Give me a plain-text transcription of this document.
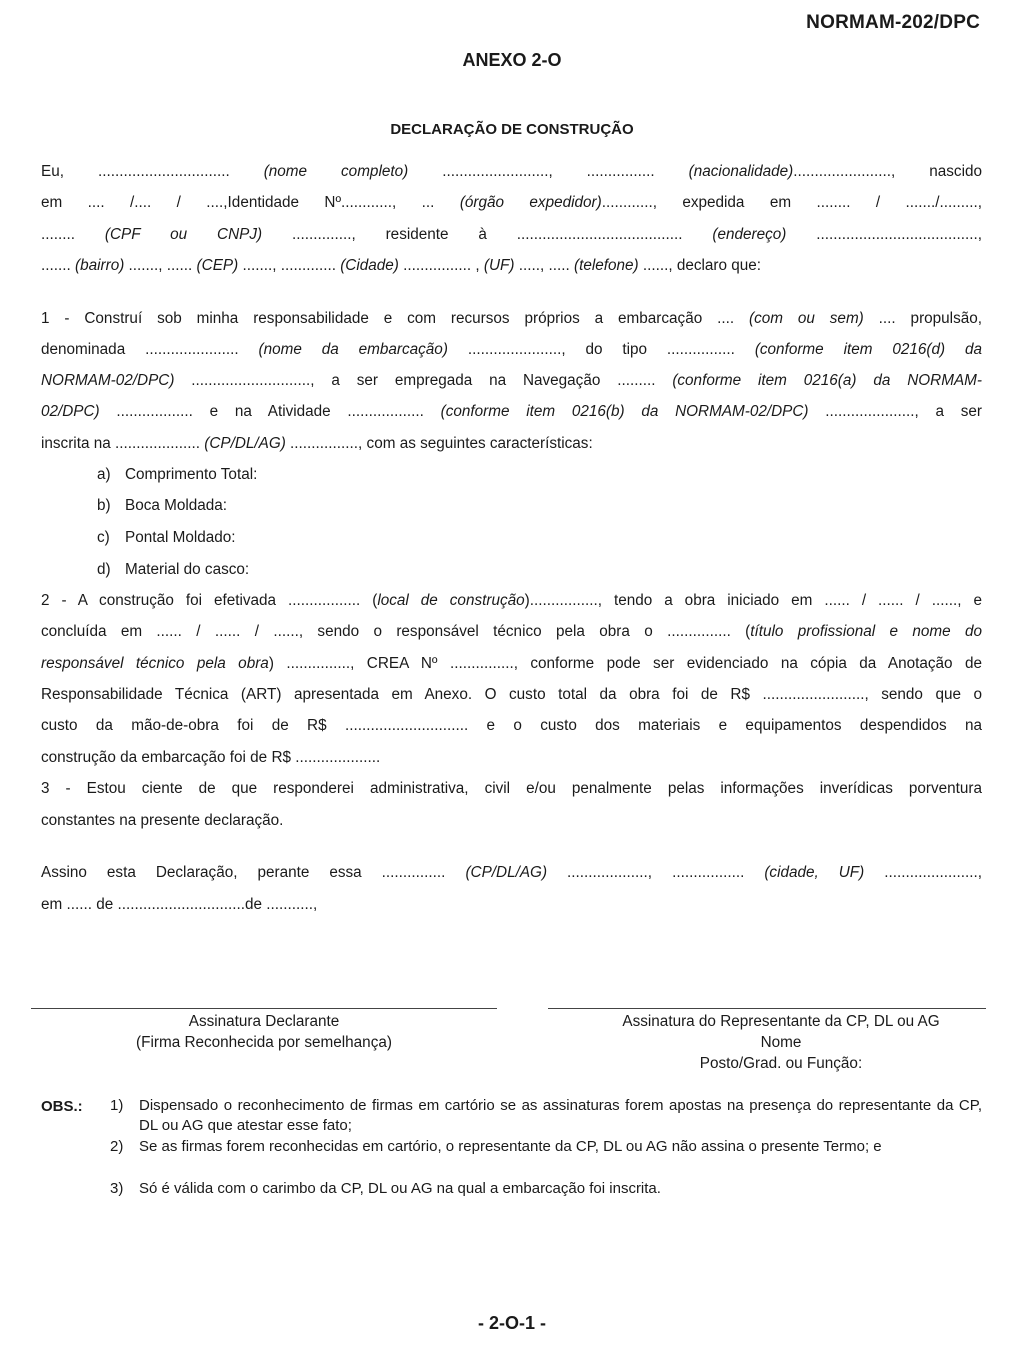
NORMAM-202/DPC
ANEXO 2-O
DECLARAÇÃO DE CONSTRUÇÃO
Eu, ............................... (nome completo) ........................., ................ (nacionalidade)......................., nascido
em .... /.... / ....,Identidade Nº............, ... (órgão expedidor)............, expedida em ........ / ......./.........,
........ (CPF ou CNPJ) .............., residente à ....................................... (endereço) ......................................,
....... (bairro) ......., ...... (CEP) ......., ............. (Cidade) ................ , (UF) ....., ..... (telefone) ......, declaro que:
1 - Construí sob minha responsabilidade e com recursos próprios a embarcação .... (com ou sem) .... propulsão,
denominada ...................... (nome da embarcação) ......................, do tipo ................ (conforme item 0216(d) da
NORMAM-02/DPC) ............................, a ser empregada na Navegação ......... (conforme item 0216(a) da NORMAM-
02/DPC) .................. e na Atividade .................. (conforme item 0216(b) da NORMAM-02/DPC) ....................., a ser
inscrita na .................... (CP/DL/AG) ................, com as seguintes características:
a) Comprimento Total:
b) Boca Moldada:
c) Pontal Moldado:
d) Material do casco:
2 - A construção foi efetivada ................. (local de construção)................, tendo a obra iniciado em ...... / ...... / ......, e
concluída em ...... / ...... / ......, sendo o responsável técnico pela obra o ............... (título profissional e nome do
responsável técnico pela obra) ..............., CREA Nº ..............., conforme pode ser evidenciado na cópia da Anotação de
Responsabilidade Técnica (ART) apresentada em Anexo. O custo total da obra foi de R$ ........................, sendo que o
custo da mão-de-obra foi de R$ ............................. e o custo dos materiais e equipamentos despendidos na
construção da embarcação foi de R$ ....................
3 - Estou ciente de que responderei administrativa, civil e/ou penalmente pelas informações inverídicas porventura
constantes na presente declaração.
Assino esta Declaração, perante essa ............... (CP/DL/AG) ..................., ................. (cidade, UF) ......................,
em ...... de ..............................de ...........,
Assinatura Declarante
(Firma Reconhecida por semelhança)
Assinatura do Representante da CP, DL ou AG
Nome
Posto/Grad. ou Função:
OBS.: 1) Dispensado o reconhecimento de firmas em cartório se as assinaturas forem apostas na presença do representante da CP, DL ou AG que atestar esse fato;
2) Se as firmas forem reconhecidas em cartório, o representante da CP, DL ou AG não assina o presente Termo; e
3) Só é válida com o carimbo da CP, DL ou AG na qual a embarcação foi inscrita.
- 2-O-1 -
